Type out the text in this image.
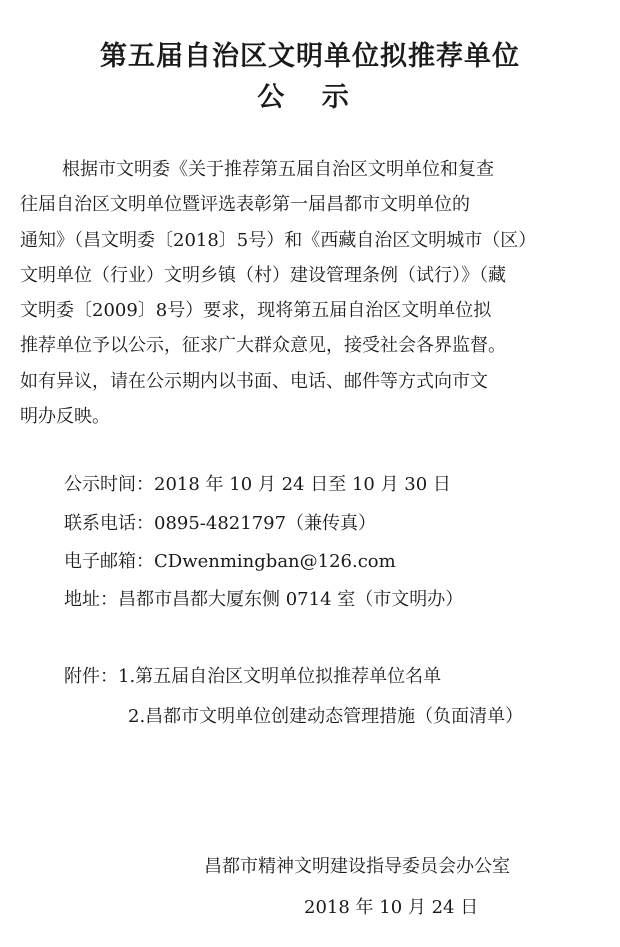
第五届自治区文明单位拟推荐单位
公 示
根据市文明委《关于推荐第五届自治区文明单位和复查
往届自治区文明单位暨评选表彰第一届昌都市文明单位的
通知》（昌文明委〔2018〕5号）和《西藏自治区文明城市（区）
文明单位（行业）文明乡镇（村）建设管理条例（试行）》（藏
文明委〔2009〕8号）要求，现将第五届自治区文明单位拟
推荐单位予以公示，征求广大群众意见，接受社会各界监督。
如有异议，请在公示期内以书面、电话、邮件等方式向市文
明办反映。
公示时间：2018 年 10 月 24 日至 10 月 30 日
联系电话：0895-4821797（兼传真）
电子邮箱：CDwenmingban@126.com
地址：昌都市昌都大厦东侧 0714 室（市文明办）
附件：1.第五届自治区文明单位拟推荐单位名单
2.昌都市文明单位创建动态管理措施（负面清单）
昌都市精神文明建设指导委员会办公室
2018 年 10 月 24 日
